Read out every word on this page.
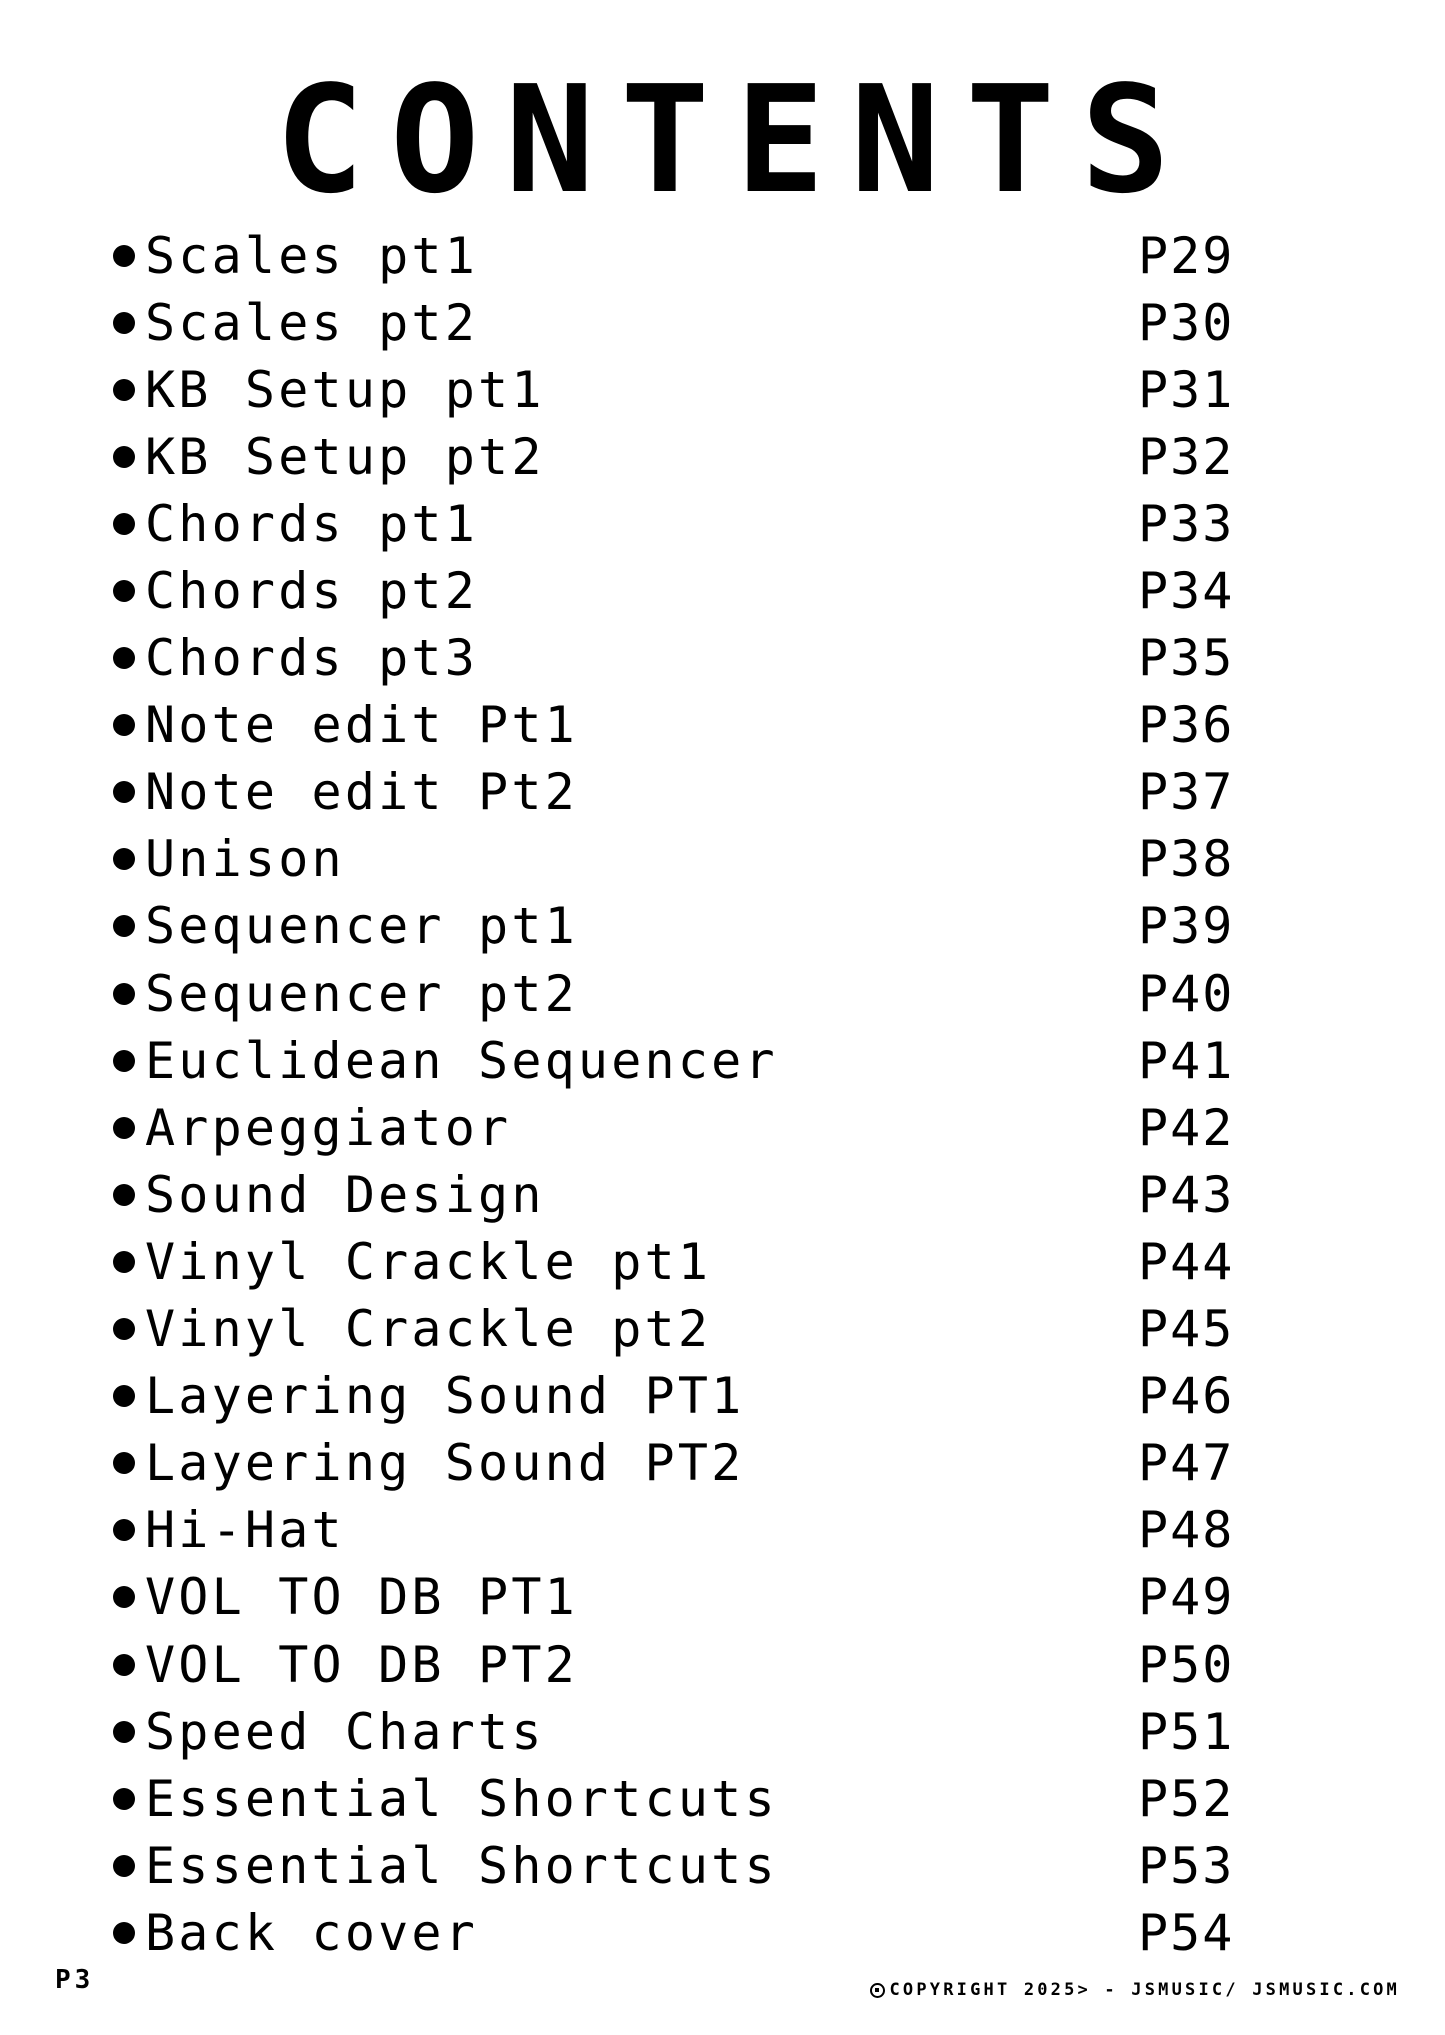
CONTENTS
Scales pt1	P29
Scales pt2	P30
KB Setup pt1	P31
KB Setup pt2	P32
Chords pt1	P33
Chords pt2	P34
Chords pt3	P35
Note edit Pt1	P36
Note edit Pt2	P37
Unison	P38
Sequencer pt1	P39
Sequencer pt2	P40
Euclidean Sequencer	P41
Arpeggiator	P42
Sound Design	P43
Vinyl Crackle pt1	P44
Vinyl Crackle pt2	P45
Layering Sound PT1	P46
Layering Sound PT2	P47
Hi-Hat	P48
VOL TO DB PT1	P49
VOL TO DB PT2	P50
Speed Charts	P51
Essential Shortcuts	P52
Essential Shortcuts	P53
Back cover	P54
P3	COPYRIGHT 2025> - JSMUSIC/ JSMUSIC.COM
